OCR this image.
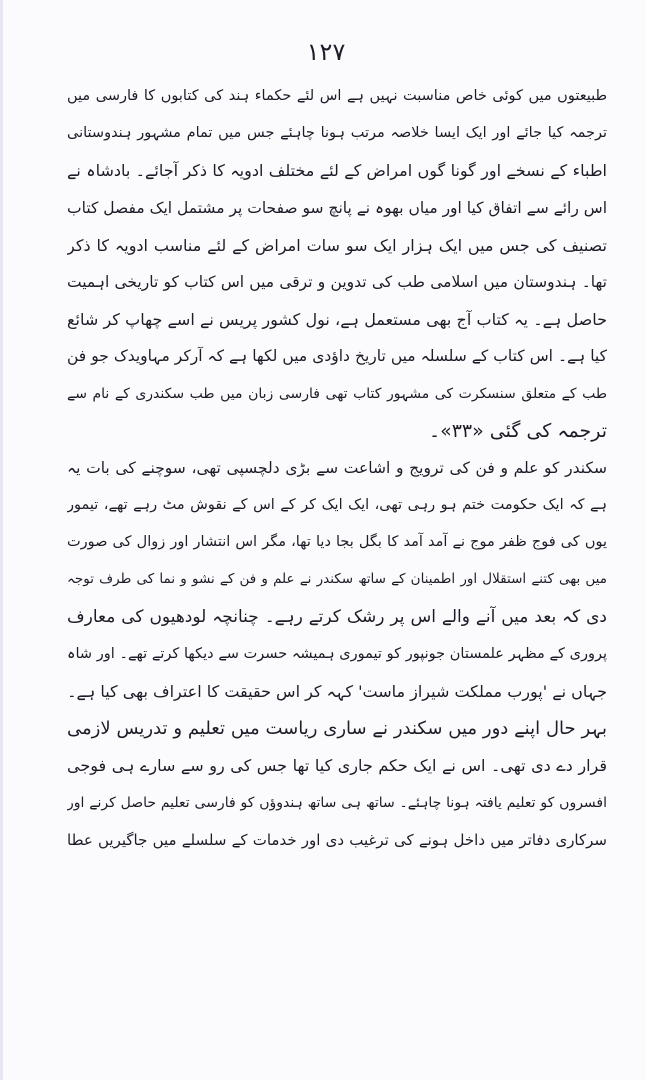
١٢٧
طبیعتوں میں کوئی خاص مناسبت نہیں ہے اس لئے حکماء ہند کی کتابوں کا فارسی میں
ترجمہ کیا جائے اور ایک ایسا خلاصہ مرتب ہونا چاہئے جس میں تمام مشہور ہندوستانی
اطباء کے نسخے اور گونا گوں امراض کے لئے مختلف ادویہ کا ذکر آجائے۔ بادشاہ نے
اس رائے سے اتفاق کیا اور میاں بھوہ نے پانچ سو صفحات پر مشتمل ایک مفصل کتاب
تصنیف کی جس میں ایک ہزار ایک سو سات امراض کے لئے مناسب ادویہ کا ذکر
تھا۔ ہندوستان میں اسلامی طب کی تدوین و ترقی میں اس کتاب کو تاریخی اہمیت
حاصل ہے۔ یہ کتاب آج بھی مستعمل ہے، نول کشور پریس نے اسے چھاپ کر شائع
کیا ہے۔ اس کتاب کے سلسلہ میں تاریخ داؤدی میں لکھا ہے کہ آرکر مہاویدک جو فن
طب کے متعلق سنسکرت کی مشہور کتاب تھی فارسی زبان میں طب سکندری کے نام سے
ترجمہ کی گئی «۳۳»۔
سکندر کو علم و فن کی ترویج و اشاعت سے بڑی دلچسپی تھی، سوچنے کی بات یہ
ہے کہ ایک حکومت ختم ہو رہی تھی، ایک ایک کر کے اس کے نقوش مٹ رہے تھے، تیمور
یوں کی فوج ظفر موج نے آمد آمد کا بگل بجا دیا تھا، مگر اس انتشار اور زوال کی صورت
میں بھی کتنے استقلال اور اطمینان کے ساتھ سکندر نے علم و فن کے نشو و نما کی طرف توجہ
دی کہ بعد میں آنے والے اس پر رشک کرتے رہے۔ چنانچہ لودھیوں کی معارف
پروری کے مظہر علمستان جونپور کو تیموری ہمیشہ حسرت سے دیکھا کرتے تھے۔ اور شاہ
جہاں نے 'پورب مملکت شیراز ماست' کہہ کر اس حقیقت کا اعتراف بھی کیا ہے۔
بہر حال اپنے دور میں سکندر نے ساری ریاست میں تعلیم و تدریس لازمی
قرار دے دی تھی۔ اس نے ایک حکم جاری کیا تھا جس کی رو سے سارے ہی فوجی
افسروں کو تعلیم یافتہ ہونا چاہئے۔ ساتھ ہی ساتھ ہندوؤں کو فارسی تعلیم حاصل کرنے اور
سرکاری دفاتر میں داخل ہونے کی ترغیب دی اور خدمات کے سلسلے میں جاگیریں عطا
